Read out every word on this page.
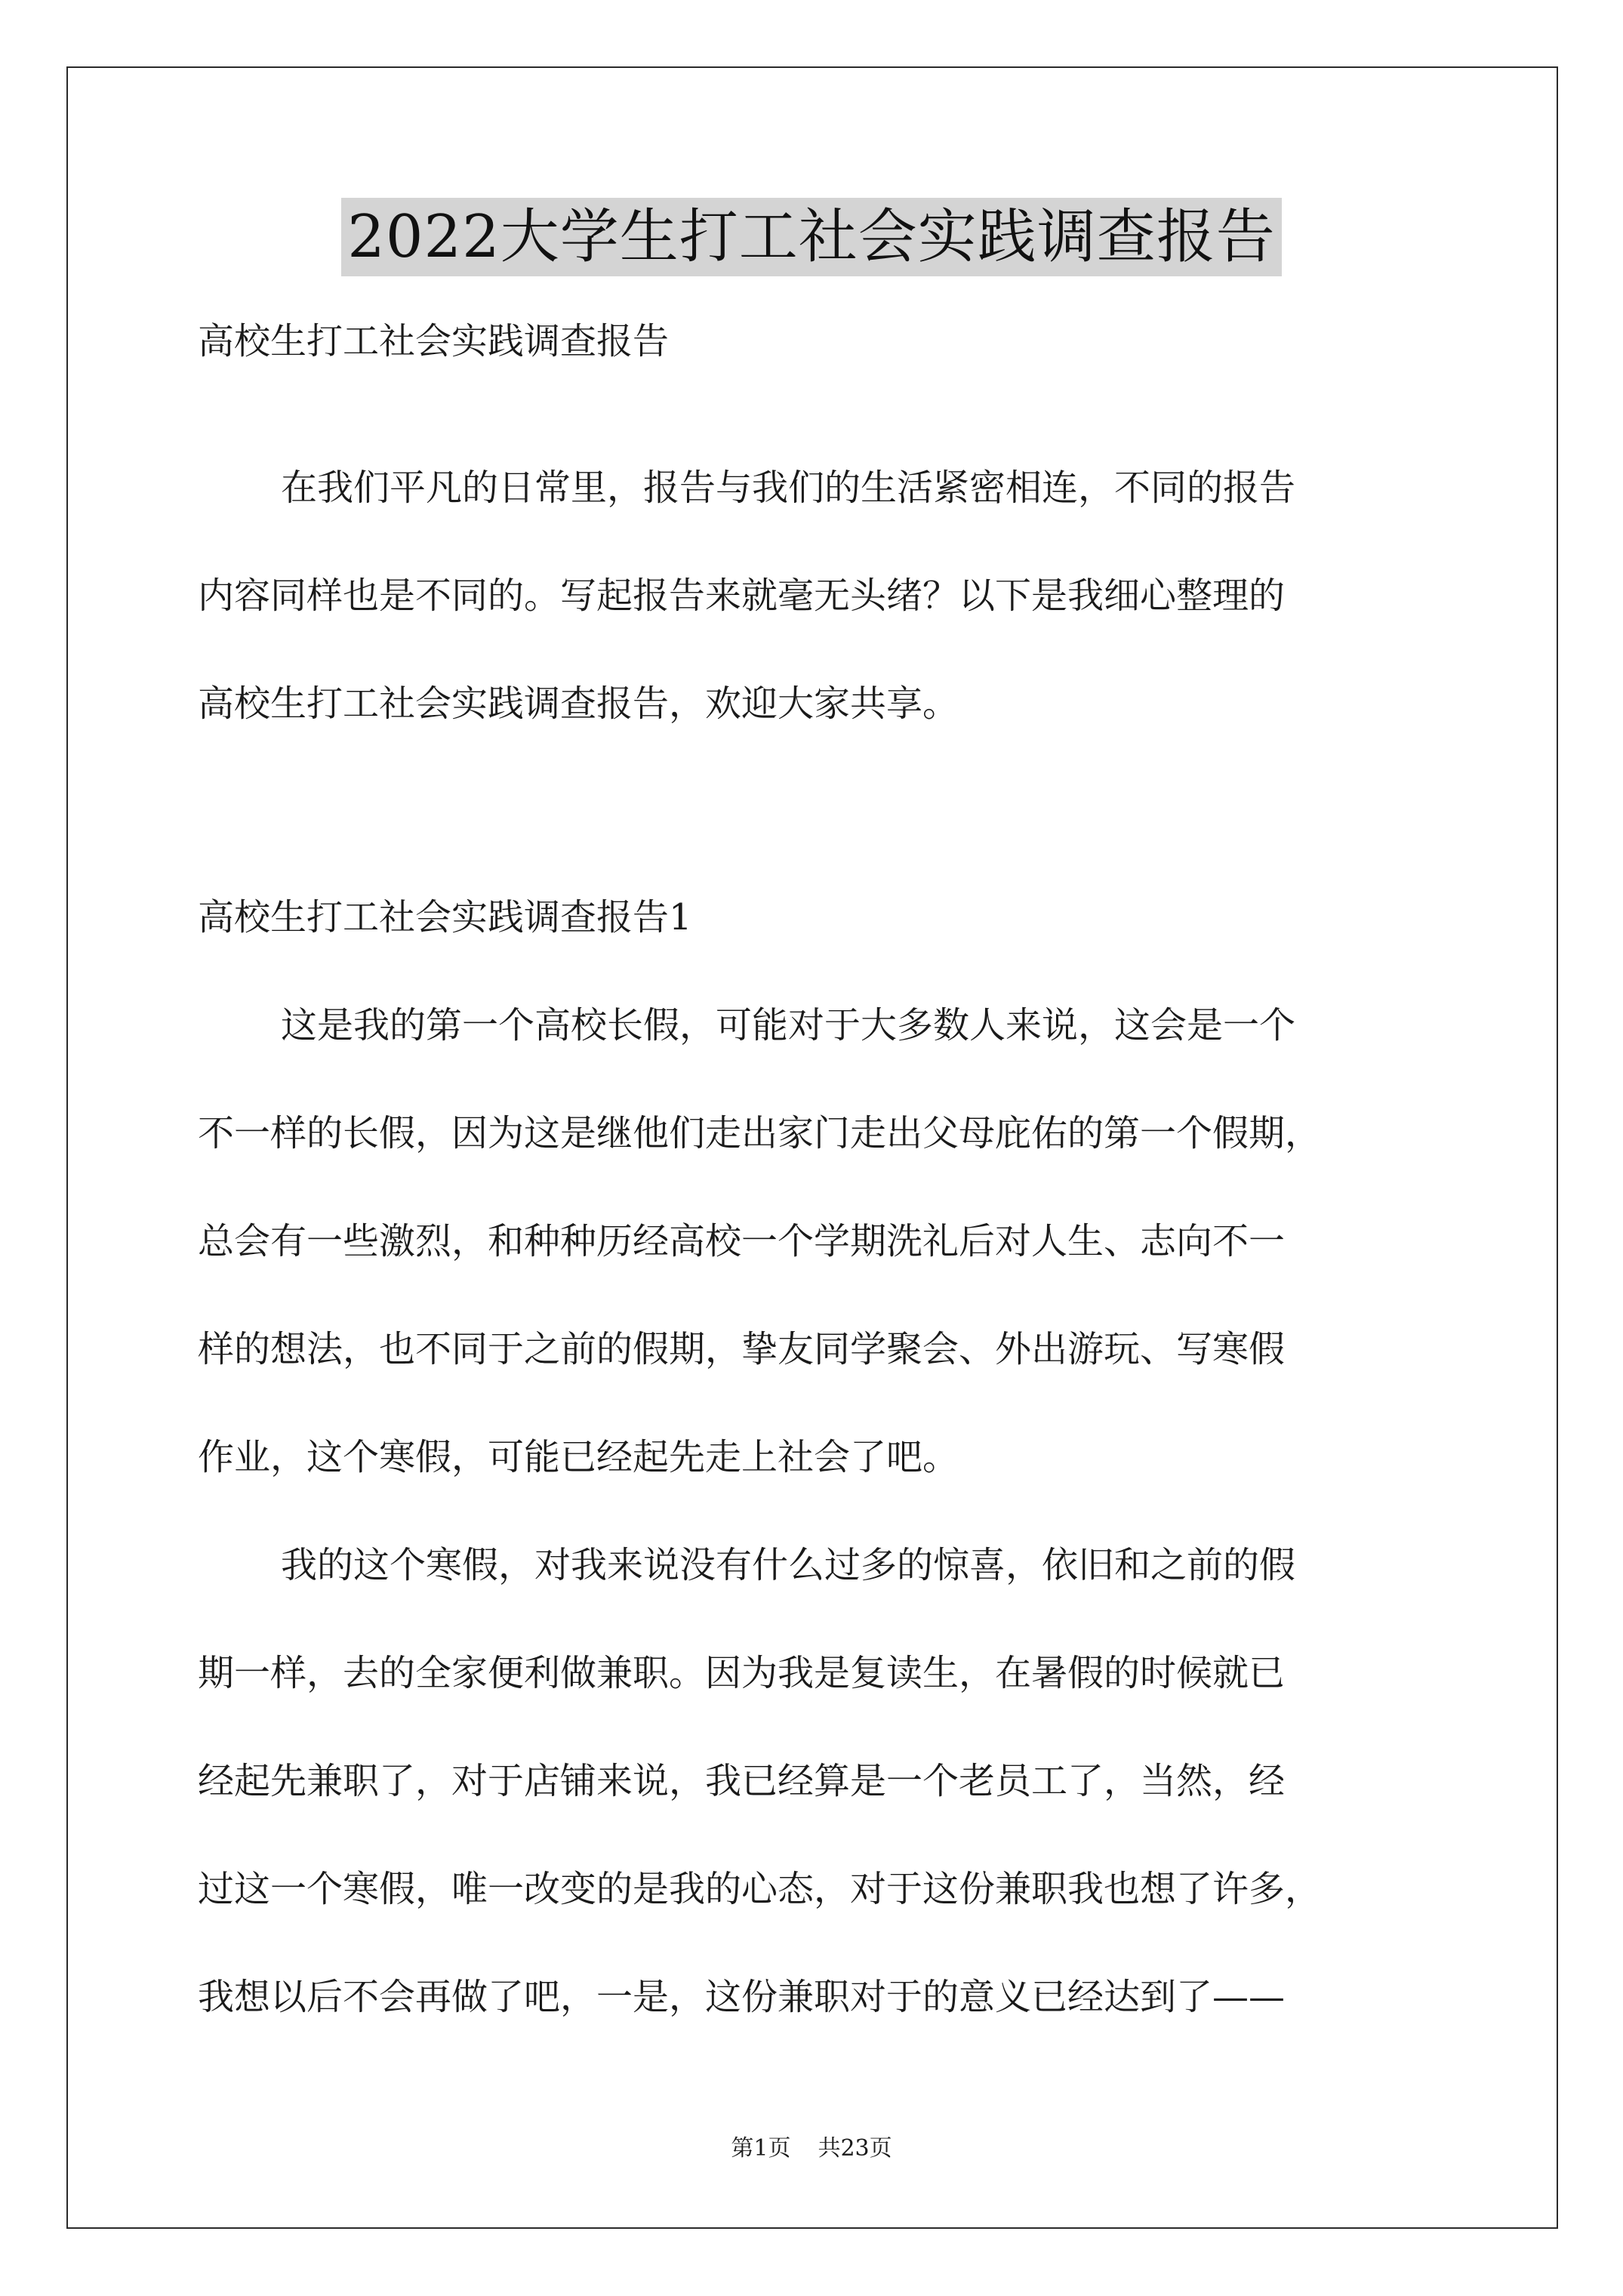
2022大学生打工社会实践调查报告
高校生打工社会实践调查报告
在我们平凡的日常里，报告与我们的生活紧密相连，不同的报告
内容同样也是不同的。写起报告来就毫无头绪？以下是我细心整理的
高校生打工社会实践调查报告，欢迎大家共享。
高校生打工社会实践调查报告1
这是我的第一个高校长假，可能对于大多数人来说，这会是一个
不一样的长假，因为这是继他们走出家门走出父母庇佑的第一个假期，
总会有一些激烈，和种种历经高校一个学期洗礼后对人生、志向不一
样的想法，也不同于之前的假期，挚友同学聚会、外出游玩、写寒假
作业，这个寒假，可能已经起先走上社会了吧。
我的这个寒假，对我来说没有什么过多的惊喜，依旧和之前的假
期一样，去的全家便利做兼职。因为我是复读生，在暑假的时候就已
经起先兼职了，对于店铺来说，我已经算是一个老员工了，当然，经
过这一个寒假，唯一改变的是我的心态，对于这份兼职我也想了许多，
我想以后不会再做了吧，一是，这份兼职对于的意义已经达到了——
第1页 共23页
